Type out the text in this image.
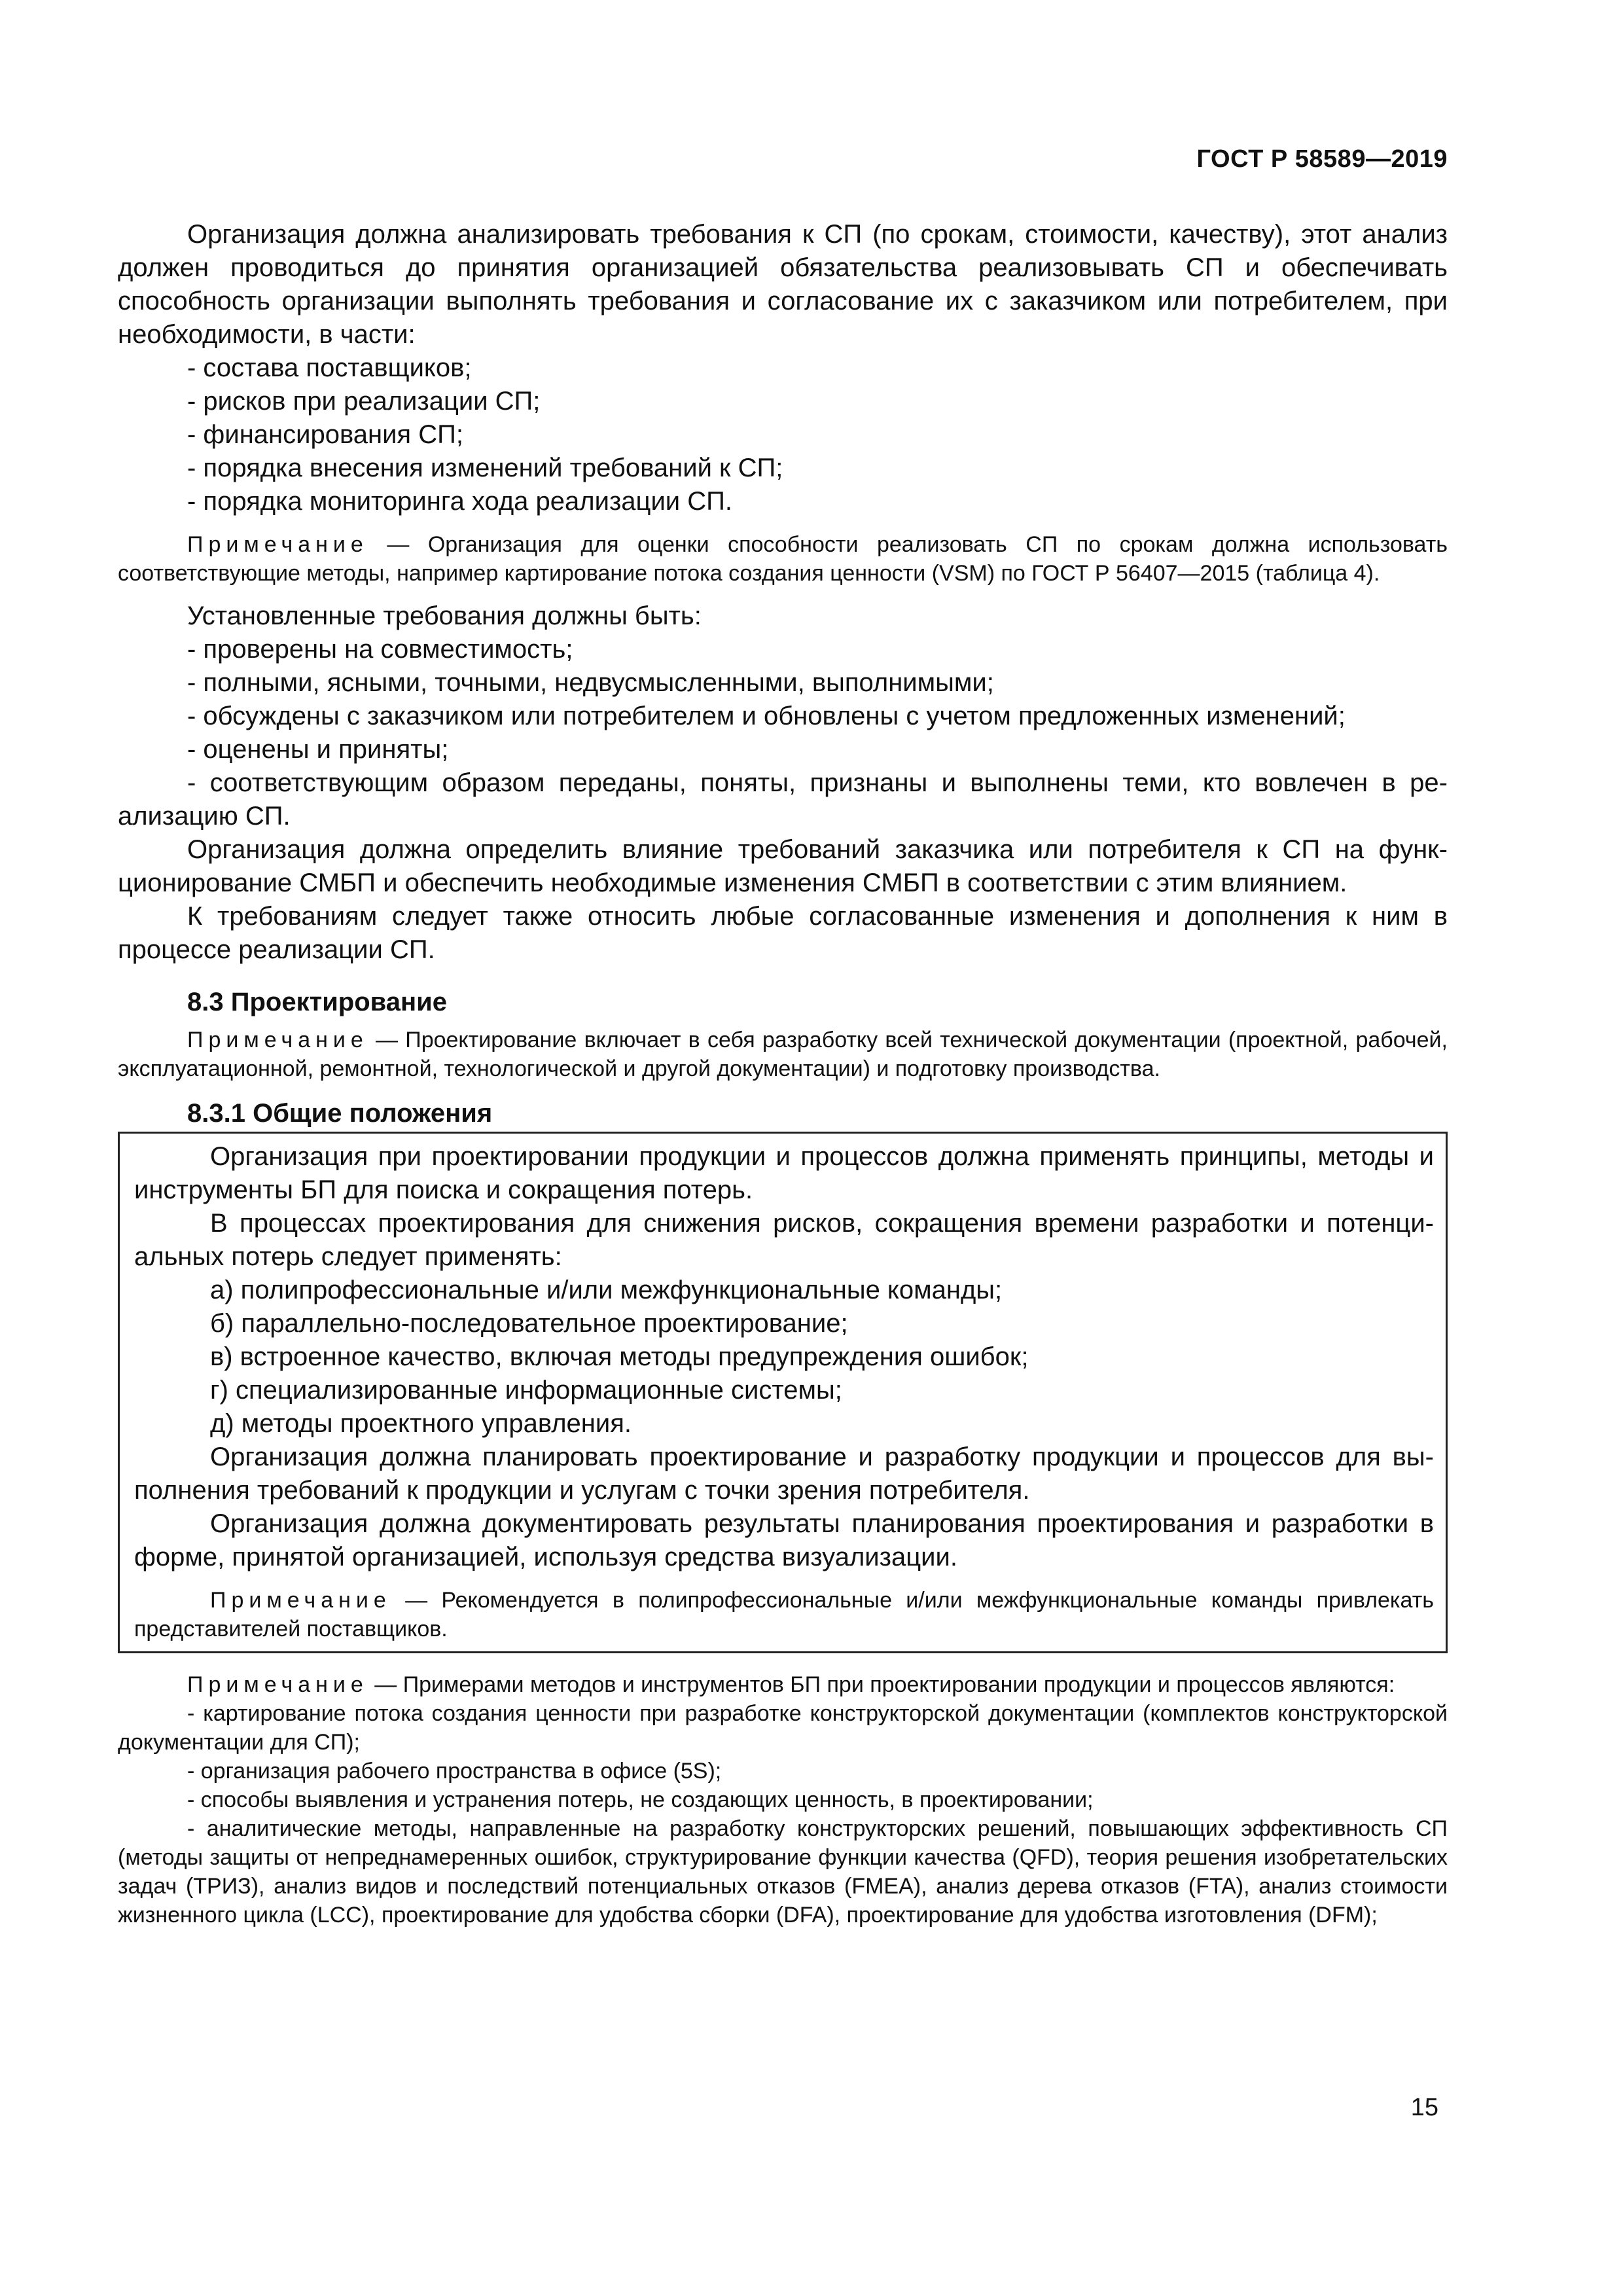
ГОСТ Р 58589—2019

Организация должна анализировать требования к СП (по срокам, стоимости, качеству), этот анализ должен проводиться до принятия организацией обязательства реализовывать СП и обеспечивать способность организации выполнять требования и согласование их с заказчиком или потребителем, при необходимости, в части:

- состава поставщиков;

- рисков при реализации СП;

- финансирования СП;

- порядка внесения изменений требований к СП;

- порядка мониторинга хода реализации СП.

Примечание — Организация для оценки способности реализовать СП по срокам должна использовать соответствующие методы, например картирование потока создания ценности (VSM) по ГОСТ Р 56407—2015 (таблица 4).

Установленные требования должны быть:

- проверены на совместимость;

- полными, ясными, точными, недвусмысленными, выполнимыми;

- обсуждены с заказчиком или потребителем и обновлены с учетом предложенных изменений;

- оценены и приняты;

- соответствующим образом переданы, поняты, признаны и выполнены теми, кто вовлечен в реализацию СП.

Организация должна определить влияние требований заказчика или потребителя к СП на функционирование СМБП и обеспечить необходимые изменения СМБП в соответствии с этим влиянием.

К требованиям следует также относить любые согласованные изменения и дополнения к ним в процессе реализации СП.

8.3 Проектирование

Примечание — Проектирование включает в себя разработку всей технической документации (проектной, рабочей, эксплуатационной, ремонтной, технологической и другой документации) и подготовку производства.

8.3.1 Общие положения

Организация при проектировании продукции и процессов должна применять принципы, методы и инструменты БП для поиска и сокращения потерь.

В процессах проектирования для снижения рисков, сокращения времени разработки и потенциальных потерь следует применять:

а) полипрофессиональные и/или межфункциональные команды;

б) параллельно-последовательное проектирование;

в) встроенное качество, включая методы предупреждения ошибок;

г) специализированные информационные системы;

д) методы проектного управления.

Организация должна планировать проектирование и разработку продукции и процессов для выполнения требований к продукции и услугам с точки зрения потребителя.

Организация должна документировать результаты планирования проектирования и разработки в форме, принятой организацией, используя средства визуализации.

Примечание — Рекомендуется в полипрофессиональные и/или межфункциональные команды привлекать представителей поставщиков.

Примечание — Примерами методов и инструментов БП при проектировании продукции и процессов являются:

- картирование потока создания ценности при разработке конструкторской документации (комплектов конструкторской документации для СП);

- организация рабочего пространства в офисе (5S);

- способы выявления и устранения потерь, не создающих ценность, в проектировании;

- аналитические методы, направленные на разработку конструкторских решений, повышающих эффективность СП (методы защиты от непреднамеренных ошибок, структурирование функции качества (QFD), теория решения изобретательских задач (ТРИЗ), анализ видов и последствий потенциальных отказов (FMEA), анализ дерева отказов (FTA), анализ стоимости жизненного цикла (LCC), проектирование для удобства сборки (DFA), проектирование для удобства изготовления (DFM);

15
